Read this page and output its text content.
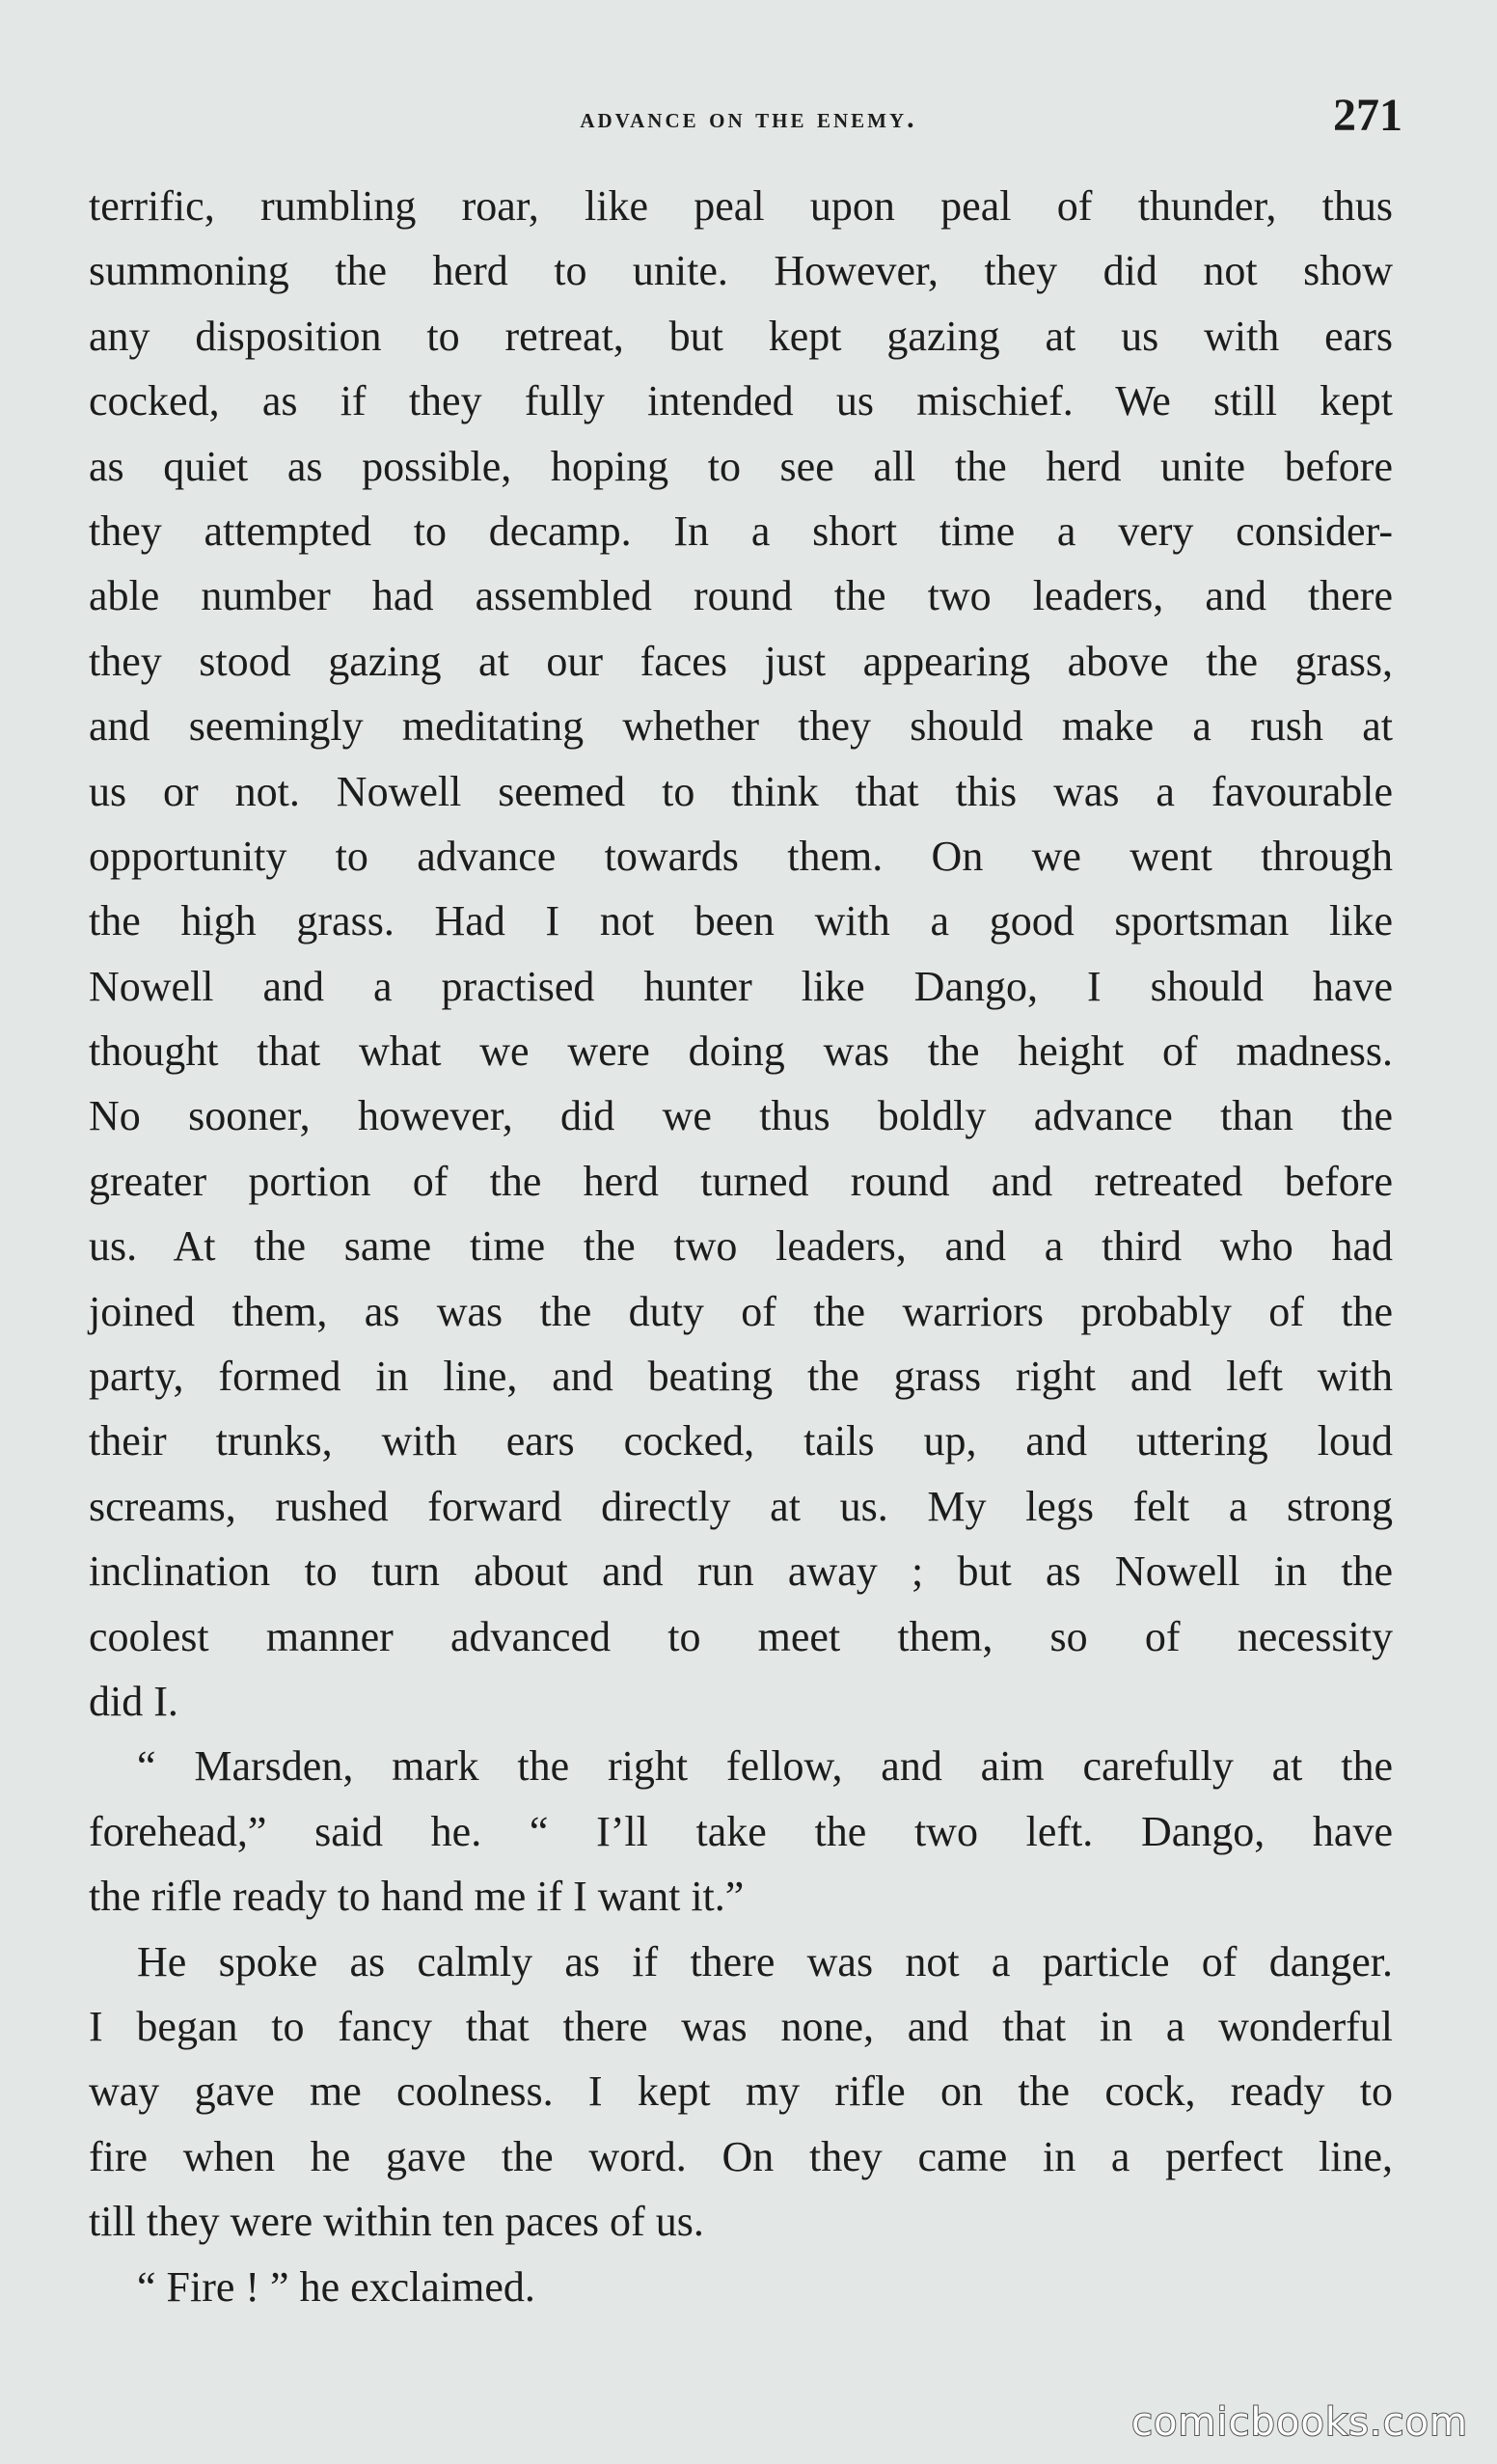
advance on the enemy.	271
terrific, rumbling roar, like peal upon peal of thunder, thus
summoning the herd to unite. However, they did not show
any disposition to retreat, but kept gazing at us with ears
cocked, as if they fully intended us mischief. We still kept
as quiet as possible, hoping to see all the herd unite before
they attempted to decamp. In a short time a very consider-
able number had assembled round the two leaders, and there
they stood gazing at our faces just appearing above the grass,
and seemingly meditating whether they should make a rush at
us or not. Nowell seemed to think that this was a favourable
opportunity to advance towards them. On we went through
the high grass. Had I not been with a good sportsman like
Nowell and a practised hunter like Dango, I should have
thought that what we were doing was the height of madness.
No sooner, however, did we thus boldly advance than the
greater portion of the herd turned round and retreated before
us. At the same time the two leaders, and a third who had
joined them, as was the duty of the warriors probably of the
party, formed in line, and beating the grass right and left with
their trunks, with ears cocked, tails up, and uttering loud
screams, rushed forward directly at us. My legs felt a strong
inclination to turn about and run away ; but as Nowell in the
coolest manner advanced to meet them, so of necessity
did I.
“ Marsden, mark the right fellow, and aim carefully at the
forehead,” said he. “ I’ll take the two left. Dango, have
the rifle ready to hand me if I want it.”
He spoke as calmly as if there was not a particle of danger.
I began to fancy that there was none, and that in a wonderful
way gave me coolness. I kept my rifle on the cock, ready to
fire when he gave the word. On they came in a perfect line,
till they were within ten paces of us.
“ Fire ! ” he exclaimed.
comicbooks.com
